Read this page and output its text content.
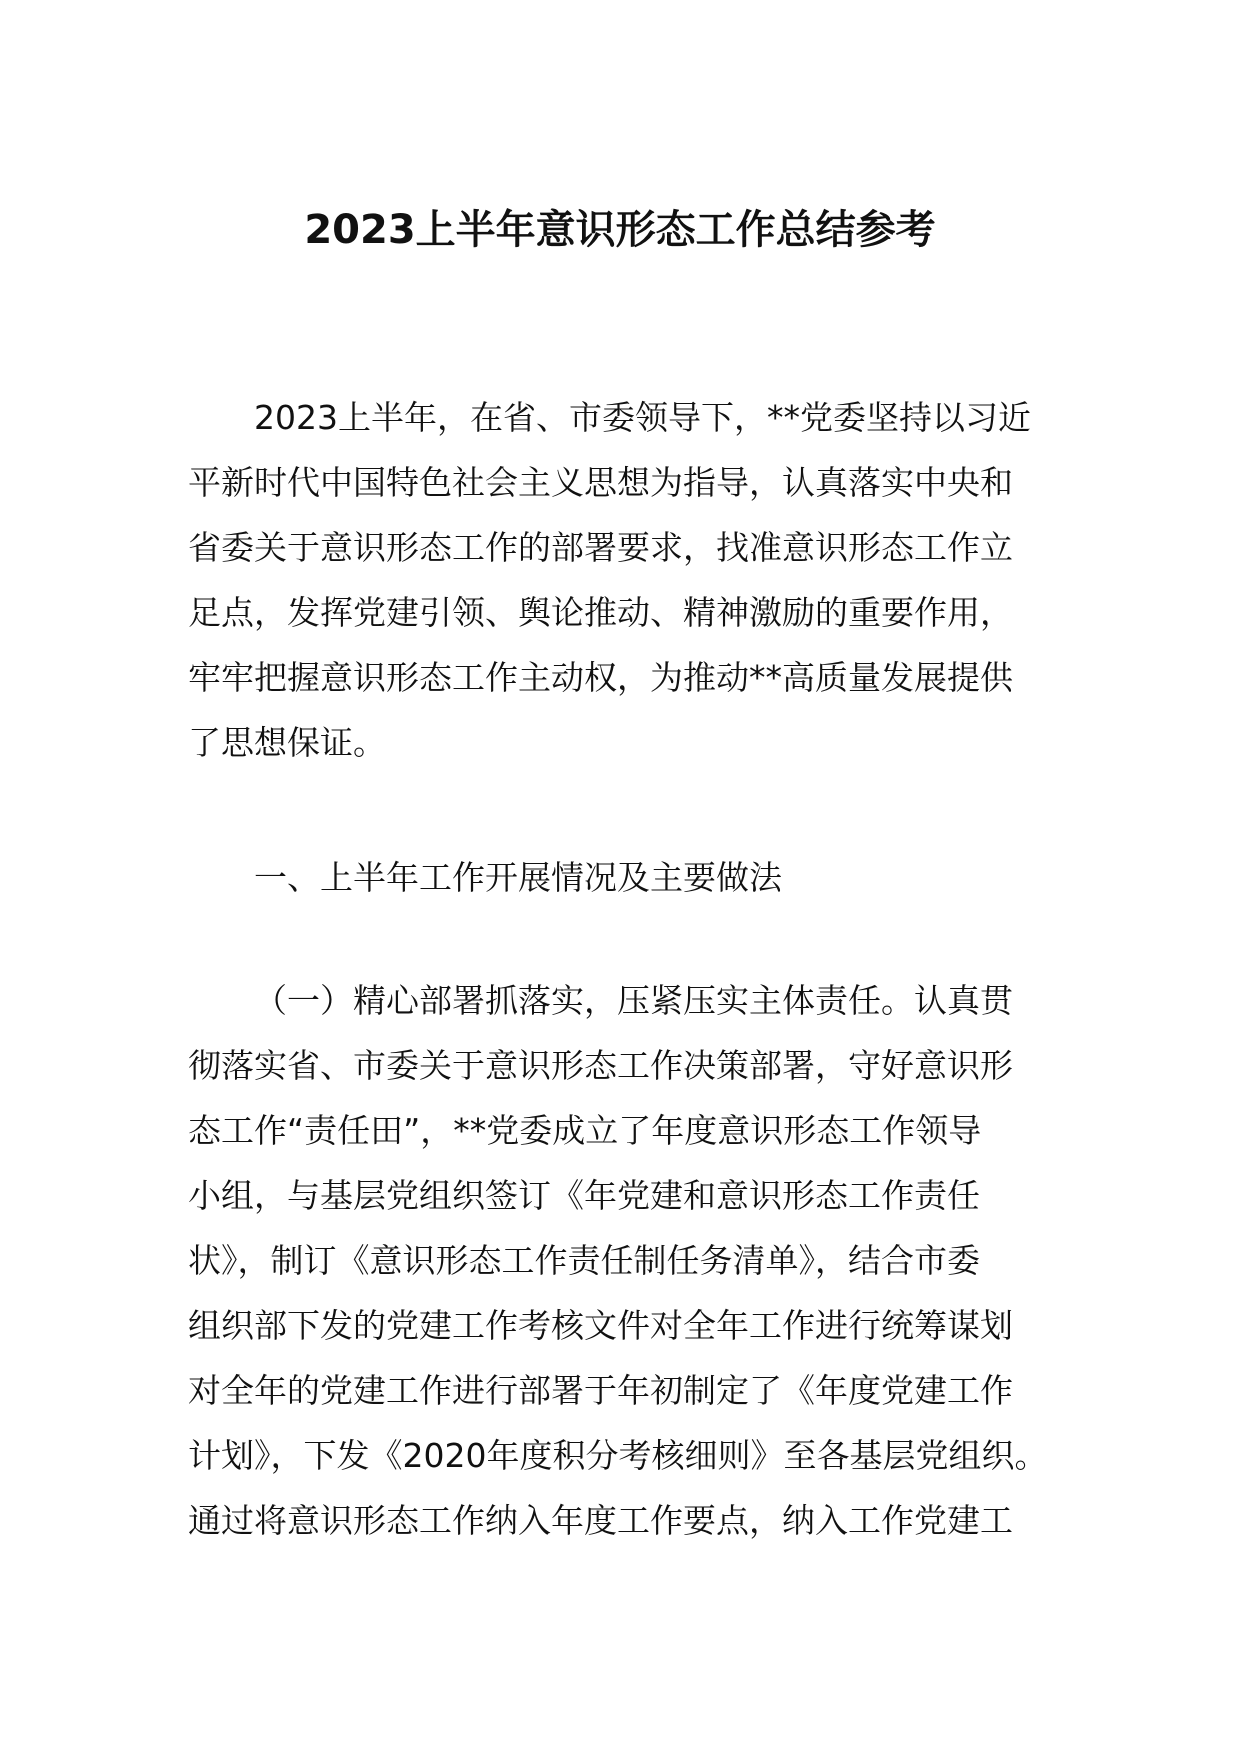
2023上半年意识形态工作总结参考
2023上半年，在省、市委领导下，**党委坚持以习近
平新时代中国特色社会主义思想为指导，认真落实中央和
省委关于意识形态工作的部署要求，找准意识形态工作立
足点，发挥党建引领、舆论推动、精神激励的重要作用，
牢牢把握意识形态工作主动权，为推动**高质量发展提供
了思想保证。
一、上半年工作开展情况及主要做法
（一）精心部署抓落实，压紧压实主体责任。认真贯
彻落实省、市委关于意识形态工作决策部署，守好意识形
态工作“责任田”，**党委成立了年度意识形态工作领导
小组，与基层党组织签订《年党建和意识形态工作责任
状》，制订《意识形态工作责任制任务清单》，结合市委
组织部下发的党建工作考核文件对全年工作进行统筹谋划
对全年的党建工作进行部署于年初制定了《年度党建工作
计划》，下发《2020年度积分考核细则》至各基层党组织。
通过将意识形态工作纳入年度工作要点，纳入工作党建工
